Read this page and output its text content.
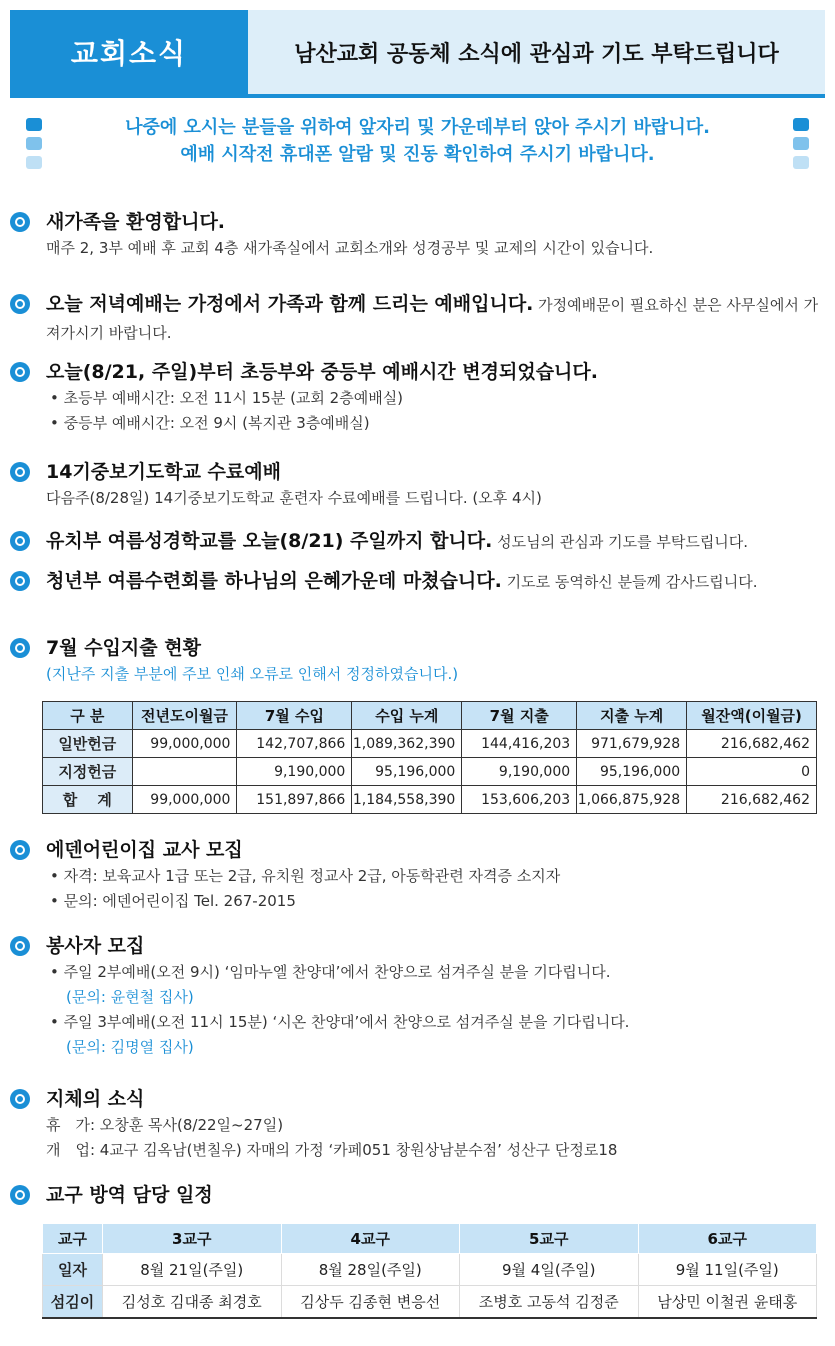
교회소식	남산교회 공동체 소식에 관심과 기도 부탁드립니다
나중에 오시는 분들을 위하여 앞자리 및 가운데부터 앉아 주시기 바랍니다.
예배 시작전 휴대폰 알람 및 진동 확인하여 주시기 바랍니다.
새가족을 환영합니다.
매주 2, 3부 예배 후 교회 4층 새가족실에서 교회소개와 성경공부 및 교제의 시간이 있습니다.
오늘 저녁예배는 가정에서 가족과 함께 드리는 예배입니다. 가정예배문이 필요하신 분은 사무실에서 가져가시기 바랍니다.
오늘(8/21, 주일)부터 초등부와 중등부 예배시간 변경되었습니다.
• 초등부 예배시간: 오전 11시 15분 (교회 2층예배실)
• 중등부 예배시간: 오전 9시 (복지관 3층예배실)
14기중보기도학교 수료예배
다음주(8/28일) 14기중보기도학교 훈련자 수료예배를 드립니다. (오후 4시)
유치부 여름성경학교를 오늘(8/21) 주일까지 합니다. 성도님의 관심과 기도를 부탁드립니다.
청년부 여름수련회를 하나님의 은혜가운데 마쳤습니다. 기도로 동역하신 분들께 감사드립니다.
7월 수입지출 현황
(지난주 지출 부분에 주보 인쇄 오류로 인해서 정정하였습니다.)
구 분	전년도이월금	7월 수입	수입 누계	7월 지출	지출 누계	월잔액(이월금)
일반헌금	99,000,000	142,707,866	1,089,362,390	144,416,203	971,679,928	216,682,462
지정헌금		9,190,000	95,196,000	9,190,000	95,196,000	0
합　 계	99,000,000	151,897,866	1,184,558,390	153,606,203	1,066,875,928	216,682,462
에덴어린이집 교사 모집
• 자격: 보육교사 1급 또는 2급, 유치원 정교사 2급, 아동학관련 자격증 소지자
• 문의: 에덴어린이집 Tel. 267-2015
봉사자 모집
• 주일 2부예배(오전 9시) ‘임마누엘 찬양대’에서 찬양으로 섬겨주실 분을 기다립니다.
(문의: 윤현철 집사)
• 주일 3부예배(오전 11시 15분) ‘시온 찬양대’에서 찬양으로 섬겨주실 분을 기다립니다.
(문의: 김명열 집사)
지체의 소식
휴　가: 오창훈 목사(8/22일~27일)
개　업: 4교구 김옥남(변칠우) 자매의 가정 ‘카페051 창원상남분수점’ 성산구 단정로18
교구 방역 담당 일정
교구	3교구	4교구	5교구	6교구
일자	8월 21일(주일)	8월 28일(주일)	9월 4일(주일)	9월 11일(주일)
섬김이	김성호 김대종 최경호	김상두 김종현 변응선	조병호 고동석 김정준	남상민 이철권 윤태홍
